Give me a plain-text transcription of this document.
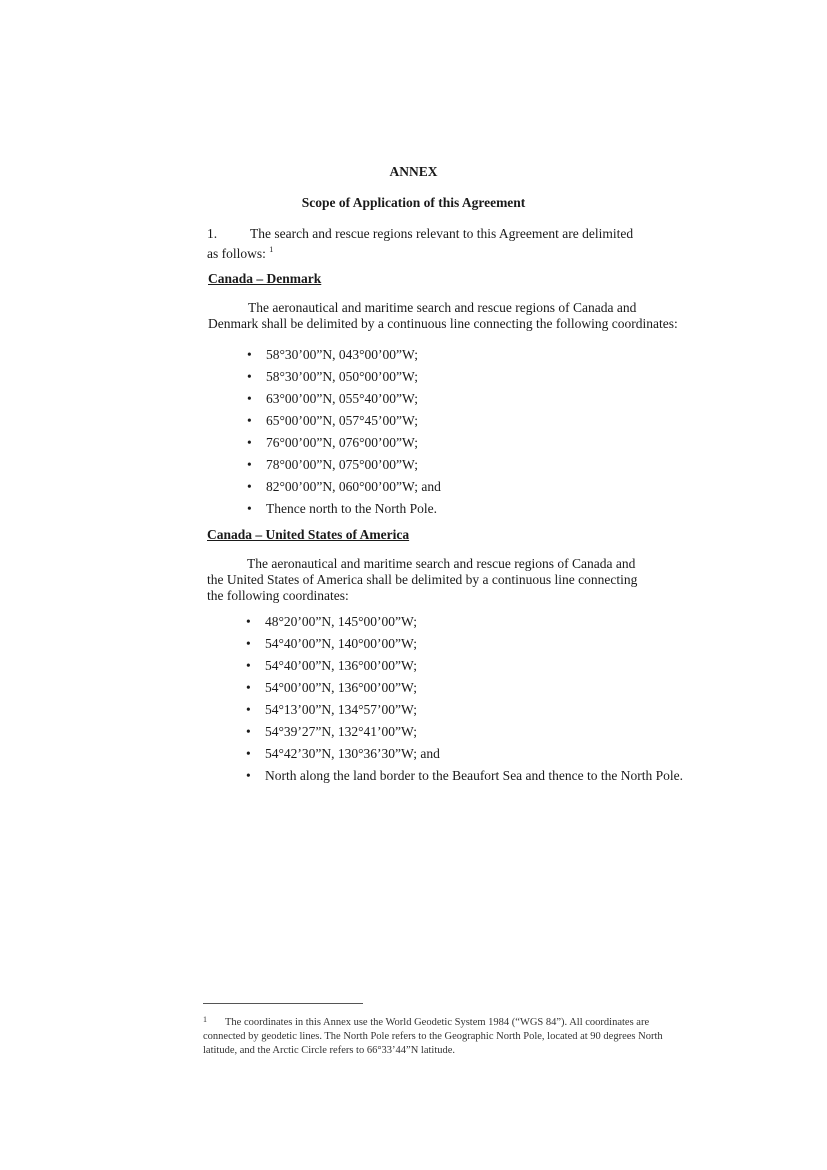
ANNEX
Scope of Application of this Agreement
1. The search and rescue regions relevant to this Agreement are delimited as follows: $^1$
Canada – Denmark
The aeronautical and maritime search and rescue regions of Canada and Denmark shall be delimited by a continuous line connecting the following coordinates:
• 58°30’00”N, 043°00’00”W;
• 58°30’00”N, 050°00’00”W;
• 63°00’00”N, 055°40’00”W;
• 65°00’00”N, 057°45’00”W;
• 76°00’00”N, 076°00’00”W;
• 78°00’00”N, 075°00’00”W;
• 82°00’00”N, 060°00’00”W; and
• Thence north to the North Pole.
Canada – United States of America
The aeronautical and maritime search and rescue regions of Canada and the United States of America shall be delimited by a continuous line connecting the following coordinates:
• 48°20’00”N, 145°00’00”W;
• 54°40’00”N, 140°00’00”W;
• 54°40’00”N, 136°00’00”W;
• 54°00’00”N, 136°00’00”W;
• 54°13’00”N, 134°57’00”W;
• 54°39’27”N, 132°41’00”W;
• 54°42’30”N, 130°36’30”W; and
• North along the land border to the Beaufort Sea and thence to the North Pole.
1 The coordinates in this Annex use the World Geodetic System 1984 (“WGS 84”). All coordinates are connected by geodetic lines. The North Pole refers to the Geographic North Pole, located at 90 degrees North latitude, and the Arctic Circle refers to 66°33’44”N latitude.
